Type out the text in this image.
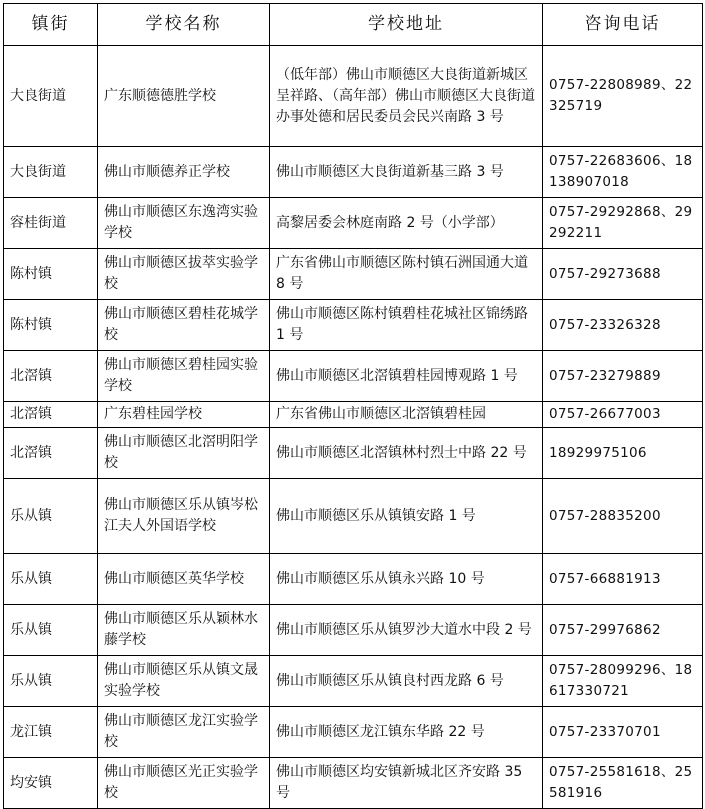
镇街	学校名称	学校地址	咨询电话
大良街道	广东顺德德胜学校	（低年部）佛山市顺德区大良街道新城区呈祥路、（高年部）佛山市顺德区大良街道办事处德和居民委员会民兴南路 3 号	0757-22808989、22325719
大良街道	佛山市顺德养正学校	佛山市顺德区大良街道新基三路 3 号	0757-22683606、18138907018
容桂街道	佛山市顺德区东逸湾实验学校	高黎居委会林庭南路 2 号（小学部）	0757-29292868、29292211
陈村镇	佛山市顺德区拔萃实验学校	广东省佛山市顺德区陈村镇石洲国通大道 8 号	0757-29273688
陈村镇	佛山市顺德区碧桂花城学校	佛山市顺德区陈村镇碧桂花城社区锦绣路 1 号	0757-23326328
北滘镇	佛山市顺德区碧桂园实验学校	佛山市顺德区北滘镇碧桂园博观路 1 号	0757-23279889
北滘镇	广东碧桂园学校	广东省佛山市顺德区北滘镇碧桂园	0757-26677003
北滘镇	佛山市顺德区北滘明阳学校	佛山市顺德区北滘镇林村烈士中路 22 号	18929975106
乐从镇	佛山市顺德区乐从镇岑松江夫人外国语学校	佛山市顺德区乐从镇镇安路 1 号	0757-28835200
乐从镇	佛山市顺德区英华学校	佛山市顺德区乐从镇永兴路 10 号	0757-66881913
乐从镇	佛山市顺德区乐从颖林水藤学校	佛山市顺德区乐从镇罗沙大道水中段 2 号	0757-29976862
乐从镇	佛山市顺德区乐从镇文晟实验学校	佛山市顺德区乐从镇良村西龙路 6 号	0757-28099296、18617330721
龙江镇	佛山市顺德区龙江实验学校	佛山市顺德区龙江镇东华路 22 号	0757-23370701
均安镇	佛山市顺德区光正实验学校	佛山市顺德区均安镇新城北区齐安路 35 号	0757-25581618、25581916
